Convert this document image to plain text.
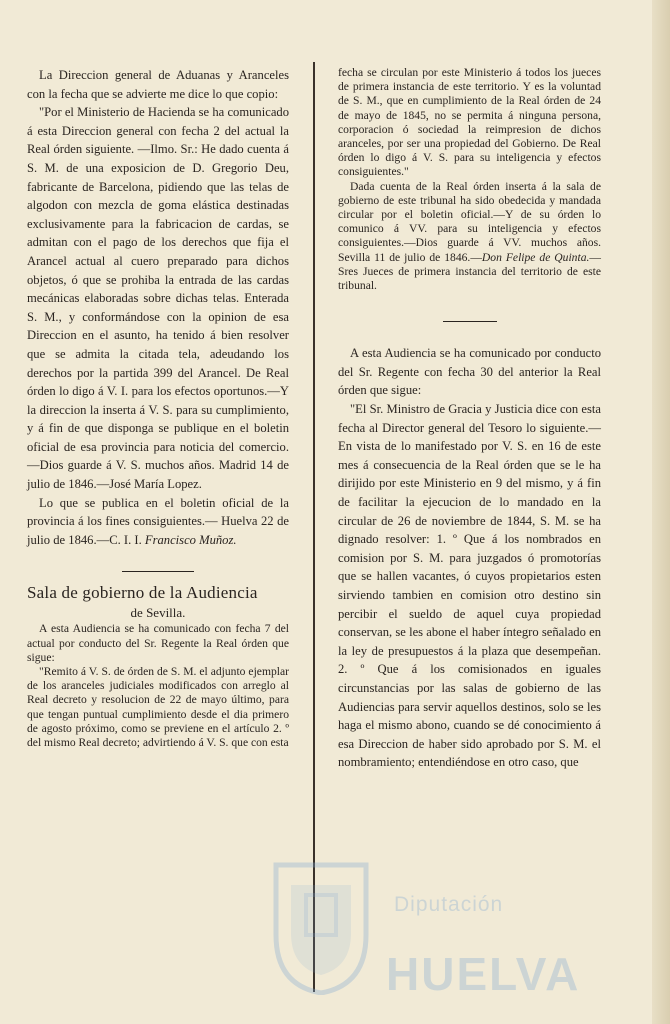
La Direccion general de Aduanas y Aranceles con la fecha que se advierte me dice lo que copio:

"Por el Ministerio de Hacienda se ha comunicado á esta Direccion general con fecha 2 del actual la Real órden siguiente. —Ilmo. Sr.: He dado cuenta á S. M. de una exposicion de D. Gregorio Deu, fabricante de Barcelona, pidiendo que las telas de algodon con mezcla de goma elástica destinadas exclusivamente para la fabricacion de cardas, se admitan con el pago de los derechos que fija el Arancel actual al cuero preparado para dichos objetos, ó que se prohiba la entrada de las cardas mecánicas elaboradas sobre dichas telas. Enterada S. M., y conformándose con la opinion de esa Direccion en el asunto, ha tenido á bien resolver que se admita la citada tela, adeudando los derechos por la partida 399 del Arancel. De Real órden lo digo á V. I. para los efectos oportunos.—Y la direccion la inserta á V. S. para su cumplimiento, y á fin de que disponga se publique en el boletin oficial de esa provincia para noticia del comercio.—Dios guarde á V. S. muchos años. Madrid 14 de julio de 1846.—José María Lopez.

Lo que se publica en el boletin oficial de la provincia á los fines consiguientes.— Huelva 22 de julio de 1846.—C. I. I. Francisco Muñoz.

Sala de gobierno de la Audiencia

de Sevilla.

A esta Audiencia se ha comunicado con fecha 7 del actual por conducto del Sr. Regente la Real órden que sigue:

"Remito á V. S. de órden de S. M. el adjunto ejemplar de los aranceles judiciales modificados con arreglo al Real decreto y resolucion de 22 de mayo último, para que tengan puntual cumplimiento desde el dia primero de agosto próximo, como se previene en el artículo 2. º del mismo Real decreto; advirtiendo á V. S. que con esta

fecha se circulan por este Ministerio á todos los jueces de primera instancia de este territorio. Y es la voluntad de S. M., que en cumplimiento de la Real órden de 24 de mayo de 1845, no se permita á ninguna persona, corporacion ó sociedad la reimpresion de dichos aranceles, por ser una propiedad del Gobierno. De Real órden lo digo á V. S. para su inteligencia y efectos consiguientes."

Dada cuenta de la Real órden inserta á la sala de gobierno de este tribunal ha sido obedecida y mandada circular por el boletin oficial.—Y de su órden lo comunico á VV. para su inteligencia y efectos consiguientes.—Dios guarde á VV. muchos años. Sevilla 11 de julio de 1846.—Don Felipe de Quinta.—Sres Jueces de primera instancia del territorio de este tribunal.

A esta Audiencia se ha comunicado por conducto del Sr. Regente con fecha 30 del anterior la Real órden que sigue:

"El Sr. Ministro de Gracia y Justicia dice con esta fecha al Director general del Tesoro lo siguiente.—En vista de lo manifestado por V. S. en 16 de este mes á consecuencia de la Real órden que se le ha dirijido por este Ministerio en 9 del mismo, y á fin de facilitar la ejecucion de lo mandado en la circular de 26 de noviembre de 1844, S. M. se ha dignado resolver: 1. º Que á los nombrados en comision por S. M. para juzgados ó promotorías que se hallen vacantes, ó cuyos propietarios esten sirviendo tambien en comision otro destino sin percibir el sueldo de aquel cuya propiedad conservan, se les abone el haber íntegro señalado en la ley de presupuestos á la plaza que desempeñan. 2. º Que á los comisionados en iguales circunstancias por las salas de gobierno de las Audiencias para servir aquellos destinos, solo se les haga el mismo abono, cuando se dé conocimiento á esa Direccion de haber sido aprobado por S. M. el nombramiento; entendiéndose en otro caso, que

Diputación
HUELVA
